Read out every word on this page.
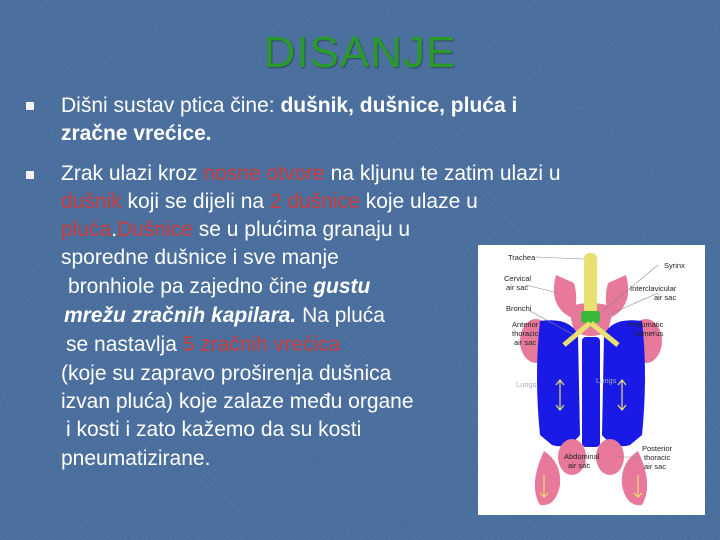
DISANJE
Dišni sustav ptica čine: dušnik, dušnice, pluća i
zračne vrećice.
Zrak ulazi kroz nosne otvore na kljunu te zatim ulazi u
dušnik koji se dijeli na 2 dušnice koje ulaze u
pluća.Dušnice se u plućima granaju u
sporedne dušnice i sve manje
bronhiole pa zajedno čine gustu
mrežu zračnih kapilara. Na pluća
se nastavlja 5 zračnih vrećica
(koje su zapravo proširenja dušnica
izvan pluća) koje zalaze među organe
i kosti i zato kažemo da su kosti
pneumatizirane.
Trachea
Syrinx
Cervical
air sac	Interclavicular
air sac
Bronchi
Anterior
thoracic
air sac
Pneumatic
humerus
Lungs	Lungs
Posterior
thoracic
air sac
Abdominal
air sac
